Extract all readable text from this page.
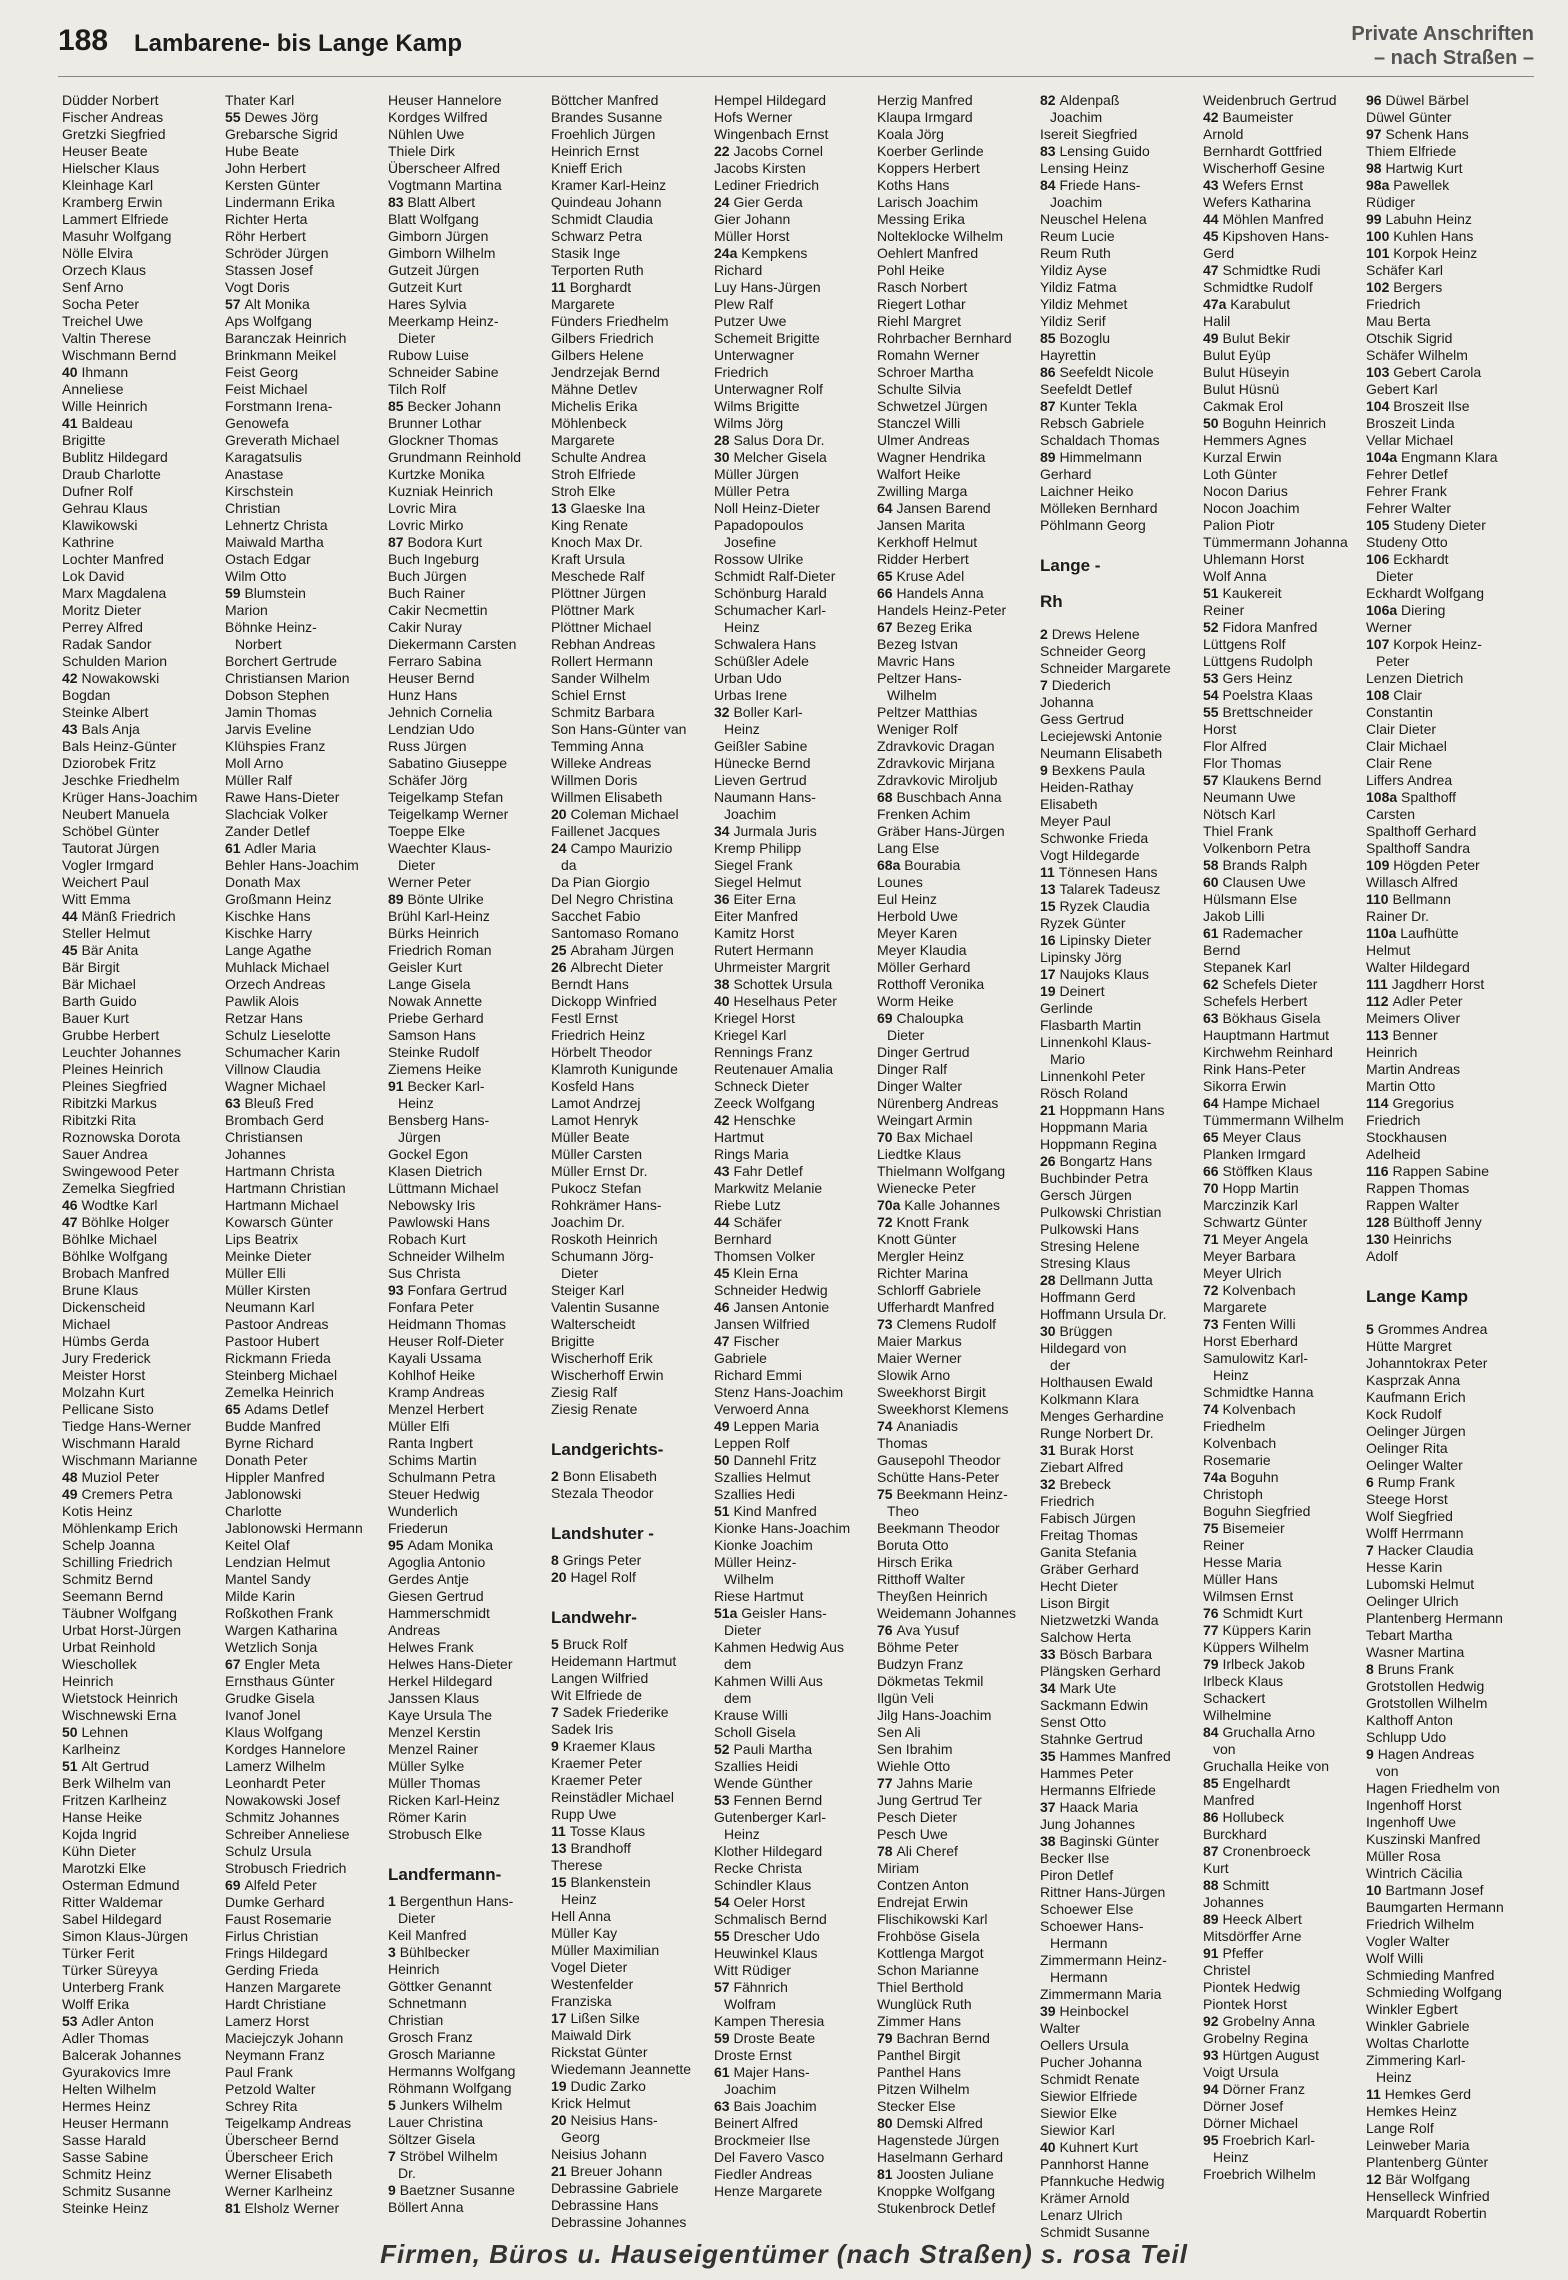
188 Lambarene- bis Lange Kamp	Private Anschriften
– nach Straßen –
Düdder Norbert
Fischer Andreas
Gretzki Siegfried
Heuser Beate
Hielscher Klaus
Kleinhage Karl
Kramberg Erwin
Lammert Elfriede
Masuhr Wolfgang
Nölle Elvira
Orzech Klaus
Senf Arno
Socha Peter
Treichel Uwe
Valtin Therese
Wischmann Bernd
40 Ihmann
Anneliese
Wille Heinrich
41 Baldeau
Brigitte
Bublitz Hildegard
Draub Charlotte
Dufner Rolf
Gehrau Klaus
Klawikowski
Kathrine
Lochter Manfred
Lok David
Marx Magdalena
Moritz Dieter
Perrey Alfred
Radak Sandor
Schulden Marion
42 Nowakowski
Bogdan
Steinke Albert
43 Bals Anja
Bals Heinz-Günter
Dziorobek Fritz
Jeschke Friedhelm
Krüger Hans-Joachim
Neubert Manuela
Schöbel Günter
Tautorat Jürgen
Vogler Irmgard
Weichert Paul
Witt Emma
44 Mänß Friedrich
Steller Helmut
45 Bär Anita
Bär Birgit
Bär Michael
Barth Guido
Bauer Kurt
Grubbe Herbert
Leuchter Johannes
Pleines Heinrich
Pleines Siegfried
Ribitzki Markus
Ribitzki Rita
Roznowska Dorota
Sauer Andrea
Swingewood Peter
Zemelka Siegfried
46 Wodtke Karl
47 Böhlke Holger
Böhlke Michael
Böhlke Wolfgang
Brobach Manfred
Brune Klaus
Dickenscheid
Michael
Hümbs Gerda
Jury Frederick
Meister Horst
Molzahn Kurt
Pellicane Sisto
Tiedge Hans-Werner
Wischmann Harald
Wischmann Marianne
48 Muziol Peter
49 Cremers Petra
Kotis Heinz
Möhlenkamp Erich
Schelp Joanna
Schilling Friedrich
Schmitz Bernd
Seemann Bernd
Täubner Wolfgang
Urbat Horst-Jürgen
Urbat Reinhold
Wieschollek
Heinrich
Wietstock Heinrich
Wischnewski Erna
50 Lehnen
Karlheinz
51 Alt Gertrud
Berk Wilhelm van
Fritzen Karlheinz
Hanse Heike
Kojda Ingrid
Kühn Dieter
Marotzki Elke
Osterman Edmund
Ritter Waldemar
Sabel Hildegard
Simon Klaus-Jürgen
Türker Ferit
Türker Süreyya
Unterberg Frank
Wolff Erika
53 Adler Anton
Adler Thomas
Balcerak Johannes
Gyurakovics Imre
Helten Wilhelm
Hermes Heinz
Heuser Hermann
Sasse Harald
Sasse Sabine
Schmitz Heinz
Schmitz Susanne
Steinke Heinz
Thater Karl
55 Dewes Jörg
Grebarsche Sigrid
Hube Beate
John Herbert
Kersten Günter
Lindermann Erika
Richter Herta
Röhr Herbert
Schröder Jürgen
Stassen Josef
Vogt Doris
57 Alt Monika
Aps Wolfgang
Baranczak Heinrich
Brinkmann Meikel
Feist Georg
Feist Michael
Forstmann Irena-
Genowefa
Greverath Michael
Karagatsulis
Anastase
Kirschstein
Christian
Lehnertz Christa
Maiwald Martha
Ostach Edgar
Wilm Otto
59 Blumstein
Marion
Böhnke Heinz-
Norbert
Borchert Gertrude
Christiansen Marion
Dobson Stephen
Jamin Thomas
Jarvis Eveline
Klühspies Franz
Moll Arno
Müller Ralf
Rawe Hans-Dieter
Slachciak Volker
Zander Detlef
61 Adler Maria
Behler Hans-Joachim
Donath Max
Großmann Heinz
Kischke Hans
Kischke Harry
Lange Agathe
Muhlack Michael
Orzech Andreas
Pawlik Alois
Retzar Hans
Schulz Lieselotte
Schumacher Karin
Villnow Claudia
Wagner Michael
63 Bleuß Fred
Brombach Gerd
Christiansen
Johannes
Hartmann Christa
Hartmann Christian
Hartmann Michael
Kowarsch Günter
Lips Beatrix
Meinke Dieter
Müller Elli
Müller Kirsten
Neumann Karl
Pastoor Andreas
Pastoor Hubert
Rickmann Frieda
Steinberg Michael
Zemelka Heinrich
65 Adams Detlef
Budde Manfred
Byrne Richard
Donath Peter
Hippler Manfred
Jablonowski
Charlotte
Jablonowski Hermann
Keitel Olaf
Lendzian Helmut
Mantel Sandy
Milde Karin
Roßkothen Frank
Wargen Katharina
Wetzlich Sonja
67 Engler Meta
Ernsthaus Günter
Grudke Gisela
Ivanof Jonel
Klaus Wolfgang
Kordges Hannelore
Lamerz Wilhelm
Leonhardt Peter
Nowakowski Josef
Schmitz Johannes
Schreiber Anneliese
Schulz Ursula
Strobusch Friedrich
69 Alfeld Peter
Dumke Gerhard
Faust Rosemarie
Firlus Christian
Frings Hildegard
Gerding Frieda
Hanzen Margarete
Hardt Christiane
Lamerz Horst
Maciejczyk Johann
Neymann Franz
Paul Frank
Petzold Walter
Schrey Rita
Teigelkamp Andreas
Überscheer Bernd
Überscheer Erich
Werner Elisabeth
Werner Karlheinz
81 Elsholz Werner
Heuser Hannelore
Kordges Wilfred
Nühlen Uwe
Thiele Dirk
Überscheer Alfred
Vogtmann Martina
83 Blatt Albert
Blatt Wolfgang
Gimborn Jürgen
Gimborn Wilhelm
Gutzeit Jürgen
Gutzeit Kurt
Hares Sylvia
Meerkamp Heinz-
Dieter
Rubow Luise
Schneider Sabine
Tilch Rolf
85 Becker Johann
Brunner Lothar
Glockner Thomas
Grundmann Reinhold
Kurtzke Monika
Kuzniak Heinrich
Lovric Mira
Lovric Mirko
87 Bodora Kurt
Buch Ingeburg
Buch Jürgen
Buch Rainer
Cakir Necmettin
Cakir Nuray
Diekermann Carsten
Ferraro Sabina
Heuser Bernd
Hunz Hans
Jehnich Cornelia
Lendzian Udo
Russ Jürgen
Sabatino Giuseppe
Schäfer Jörg
Teigelkamp Stefan
Teigelkamp Werner
Toeppe Elke
Waechter Klaus-
Dieter
Werner Peter
89 Bönte Ulrike
Brühl Karl-Heinz
Bürks Heinrich
Friedrich Roman
Geisler Kurt
Lange Gisela
Nowak Annette
Priebe Gerhard
Samson Hans
Steinke Rudolf
Ziemens Heike
91 Becker Karl-
Heinz
Bensberg Hans-
Jürgen
Gockel Egon
Klasen Dietrich
Lüttmann Michael
Nebowsky Iris
Pawlowski Hans
Robach Kurt
Schneider Wilhelm
Sus Christa
93 Fonfara Gertrud
Fonfara Peter
Heidmann Thomas
Heuser Rolf-Dieter
Kayali Ussama
Kohlhof Heike
Kramp Andreas
Menzel Herbert
Müller Elfi
Ranta Ingbert
Schims Martin
Schulmann Petra
Steuer Hedwig
Wunderlich
Friederun
95 Adam Monika
Agoglia Antonio
Gerdes Antje
Giesen Gertrud
Hammerschmidt
Andreas
Helwes Frank
Helwes Hans-Dieter
Herkel Hildegard
Janssen Klaus
Kaye Ursula The
Menzel Kerstin
Menzel Rainer
Müller Sylke
Müller Thomas
Ricken Karl-Heinz
Römer Karin
Strobusch Elke
Landfermann-
1 Bergenthun Hans-
Dieter
Keil Manfred
3 Bühlbecker
Heinrich
Göttker Genannt
Schnetmann
Christian
Grosch Franz
Grosch Marianne
Hermanns Wolfgang
Röhmann Wolfgang
5 Junkers Wilhelm
Lauer Christina
Söltzer Gisela
7 Ströbel Wilhelm
Dr.
9 Baetzner Susanne
Böllert Anna
Böttcher Manfred
Brandes Susanne
Froehlich Jürgen
Heinrich Ernst
Knieff Erich
Kramer Karl-Heinz
Quindeau Johann
Schmidt Claudia
Schwarz Petra
Stasik Inge
Terporten Ruth
11 Borghardt
Margarete
Fünders Friedhelm
Gilbers Friedrich
Gilbers Helene
Jendrzejak Bernd
Mähne Detlev
Michelis Erika
Möhlenbeck
Margarete
Schulte Andrea
Stroh Elfriede
Stroh Elke
13 Glaeske Ina
King Renate
Knoch Max Dr.
Kraft Ursula
Meschede Ralf
Plöttner Jürgen
Plöttner Mark
Plöttner Michael
Rebhan Andreas
Rollert Hermann
Sander Wilhelm
Schiel Ernst
Schmitz Barbara
Son Hans-Günter van
Temming Anna
Willeke Andreas
Willmen Doris
Willmen Elisabeth
20 Coleman Michael
Faillenet Jacques
24 Campo Maurizio
da
Da Pian Giorgio
Del Negro Christina
Sacchet Fabio
Santomaso Romano
25 Abraham Jürgen
26 Albrecht Dieter
Berndt Hans
Dickopp Winfried
Festl Ernst
Friedrich Heinz
Hörbelt Theodor
Klamroth Kunigunde
Kosfeld Hans
Lamot Andrzej
Lamot Henryk
Müller Beate
Müller Carsten
Müller Ernst Dr.
Pukocz Stefan
Rohkrämer Hans-
Joachim Dr.
Roskoth Heinrich
Schumann Jörg-
Dieter
Steiger Karl
Valentin Susanne
Walterscheidt
Brigitte
Wischerhoff Erik
Wischerhoff Erwin
Ziesig Ralf
Ziesig Renate
Landgerichts-
2 Bonn Elisabeth
Stezala Theodor
Landshuter -
8 Grings Peter
20 Hagel Rolf
Landwehr-
5 Bruck Rolf
Heidemann Hartmut
Langen Wilfried
Wit Elfriede de
7 Sadek Friederike
Sadek Iris
9 Kraemer Klaus
Kraemer Peter
Kraemer Peter
Reinstädler Michael
Rupp Uwe
11 Tosse Klaus
13 Brandhoff
Therese
15 Blankenstein
Heinz
Hell Anna
Müller Kay
Müller Maximilian
Vogel Dieter
Westenfelder
Franziska
17 Lißen Silke
Maiwald Dirk
Rickstat Günter
Wiedemann Jeannette
19 Dudic Zarko
Krick Helmut
20 Neisius Hans-
Georg
Neisius Johann
21 Breuer Johann
Debrassine Gabriele
Debrassine Hans
Debrassine Johannes
Hempel Hildegard
Hofs Werner
Wingenbach Ernst
22 Jacobs Cornel
Jacobs Kirsten
Lediner Friedrich
24 Gier Gerda
Gier Johann
Müller Horst
24a Kempkens
Richard
Luy Hans-Jürgen
Plew Ralf
Putzer Uwe
Schemeit Brigitte
Unterwagner
Friedrich
Unterwagner Rolf
Wilms Brigitte
Wilms Jörg
28 Salus Dora Dr.
30 Melcher Gisela
Müller Jürgen
Müller Petra
Noll Heinz-Dieter
Papadopoulos
Josefine
Rossow Ulrike
Schmidt Ralf-Dieter
Schönburg Harald
Schumacher Karl-
Heinz
Schwalera Hans
Schüßler Adele
Urban Udo
Urbas Irene
32 Boller Karl-
Heinz
Geißler Sabine
Hünecke Bernd
Lieven Gertrud
Naumann Hans-
Joachim
34 Jurmala Juris
Kremp Philipp
Siegel Frank
Siegel Helmut
36 Eiter Erna
Eiter Manfred
Kamitz Horst
Rutert Hermann
Uhrmeister Margrit
38 Schottek Ursula
40 Heselhaus Peter
Kriegel Horst
Kriegel Karl
Rennings Franz
Reutenauer Amalia
Schneck Dieter
Zeeck Wolfgang
42 Henschke
Hartmut
Rings Maria
43 Fahr Detlef
Markwitz Melanie
Riebe Lutz
44 Schäfer
Bernhard
Thomsen Volker
45 Klein Erna
Schneider Hedwig
46 Jansen Antonie
Jansen Wilfried
47 Fischer
Gabriele
Richard Emmi
Stenz Hans-Joachim
Verwoerd Anna
49 Leppen Maria
Leppen Rolf
50 Dannehl Fritz
Szallies Helmut
Szallies Hedi
51 Kind Manfred
Kionke Hans-Joachim
Kionke Joachim
Müller Heinz-
Wilhelm
Riese Hartmut
51a Geisler Hans-
Dieter
Kahmen Hedwig Aus
dem
Kahmen Willi Aus
dem
Krause Willi
Scholl Gisela
52 Pauli Martha
Szallies Heidi
Wende Günther
53 Fennen Bernd
Gutenberger Karl-
Heinz
Klother Hildegard
Recke Christa
Schindler Klaus
54 Oeler Horst
Schmalisch Bernd
55 Drescher Udo
Heuwinkel Klaus
Witt Rüdiger
57 Fähnrich
Wolfram
Kampen Theresia
59 Droste Beate
Droste Ernst
61 Majer Hans-
Joachim
63 Bais Joachim
Beinert Alfred
Brockmeier Ilse
Del Favero Vasco
Fiedler Andreas
Henze Margarete
Herzig Manfred
Klaupa Irmgard
Koala Jörg
Koerber Gerlinde
Koppers Herbert
Koths Hans
Larisch Joachim
Messing Erika
Nolteklocke Wilhelm
Oehlert Manfred
Pohl Heike
Rasch Norbert
Riegert Lothar
Riehl Margret
Rohrbacher Bernhard
Romahn Werner
Schroer Martha
Schulte Silvia
Schwetzel Jürgen
Stanczel Willi
Ulmer Andreas
Wagner Hendrika
Walfort Heike
Zwilling Marga
64 Jansen Barend
Jansen Marita
Kerkhoff Helmut
Ridder Herbert
65 Kruse Adel
66 Handels Anna
Handels Heinz-Peter
67 Bezeg Erika
Bezeg Istvan
Mavric Hans
Peltzer Hans-
Wilhelm
Peltzer Matthias
Weniger Rolf
Zdravkovic Dragan
Zdravkovic Mirjana
Zdravkovic Miroljub
68 Buschbach Anna
Frenken Achim
Gräber Hans-Jürgen
Lang Else
68a Bourabia
Lounes
Eul Heinz
Herbold Uwe
Meyer Karen
Meyer Klaudia
Möller Gerhard
Rotthoff Veronika
Worm Heike
69 Chaloupka
Dieter
Dinger Gertrud
Dinger Ralf
Dinger Walter
Nürenberg Andreas
Weingart Armin
70 Bax Michael
Liedtke Klaus
Thielmann Wolfgang
Wienecke Peter
70a Kalle Johannes
72 Knott Frank
Knott Günter
Mergler Heinz
Richter Marina
Schlorff Gabriele
Ufferhardt Manfred
73 Clemens Rudolf
Maier Markus
Maier Werner
Slowik Arno
Sweekhorst Birgit
Sweekhorst Klemens
74 Ananiadis
Thomas
Gausepohl Theodor
Schütte Hans-Peter
75 Beekmann Heinz-
Theo
Beekmann Theodor
Boruta Otto
Hirsch Erika
Ritthoff Walter
Theyßen Heinrich
Weidemann Johannes
76 Ava Yusuf
Böhme Peter
Budzyn Franz
Dökmetas Tekmil
Ilgün Veli
Jilg Hans-Joachim
Sen Ali
Sen Ibrahim
Wiehle Otto
77 Jahns Marie
Jung Gertrud Ter
Pesch Dieter
Pesch Uwe
78 Ali Cheref
Miriam
Contzen Anton
Endrejat Erwin
Flischikowski Karl
Frohböse Gisela
Kottlenga Margot
Schon Marianne
Thiel Berthold
Wunglück Ruth
Zimmer Hans
79 Bachran Bernd
Panthel Birgit
Panthel Hans
Pitzen Wilhelm
Stecker Else
80 Demski Alfred
Hagenstede Jürgen
Haselmann Gerhard
81 Joosten Juliane
Knoppke Wolfgang
Stukenbrock Detlef
82 Aldenpaß
Joachim
Isereit Siegfried
83 Lensing Guido
Lensing Heinz
84 Friede Hans-
Joachim
Neuschel Helena
Reum Lucie
Reum Ruth
Yildiz Ayse
Yildiz Fatma
Yildiz Mehmet
Yildiz Serif
85 Bozoglu
Hayrettin
86 Seefeldt Nicole
Seefeldt Detlef
87 Kunter Tekla
Rebsch Gabriele
Schaldach Thomas
89 Himmelmann
Gerhard
Laichner Heiko
Mölleken Bernhard
Pöhlmann Georg
Lange -
Rh
2 Drews Helene
Schneider Georg
Schneider Margarete
7 Diederich
Johanna
Gess Gertrud
Leciejewski Antonie
Neumann Elisabeth
9 Bexkens Paula
Heiden-Rathay
Elisabeth
Meyer Paul
Schwonke Frieda
Vogt Hildegarde
11 Tönnesen Hans
13 Talarek Tadeusz
15 Ryzek Claudia
Ryzek Günter
16 Lipinsky Dieter
Lipinsky Jörg
17 Naujoks Klaus
19 Deinert
Gerlinde
Flasbarth Martin
Linnenkohl Klaus-
Mario
Linnenkohl Peter
Rösch Roland
21 Hoppmann Hans
Hoppmann Maria
Hoppmann Regina
26 Bongartz Hans
Buchbinder Petra
Gersch Jürgen
Pulkowski Christian
Pulkowski Hans
Stresing Helene
Stresing Klaus
28 Dellmann Jutta
Hoffmann Gerd
Hoffmann Ursula Dr.
30 Brüggen
Hildegard von
der
Holthausen Ewald
Kolkmann Klara
Menges Gerhardine
Runge Norbert Dr.
31 Burak Horst
Ziebart Alfred
32 Brebeck
Friedrich
Fabisch Jürgen
Freitag Thomas
Ganita Stefania
Gräber Gerhard
Hecht Dieter
Lison Birgit
Nietzwetzki Wanda
Salchow Herta
33 Bösch Barbara
Plängsken Gerhard
34 Mark Ute
Sackmann Edwin
Senst Otto
Stahnke Gertrud
35 Hammes Manfred
Hammes Peter
Hermanns Elfriede
37 Haack Maria
Jung Johannes
38 Baginski Günter
Becker Ilse
Piron Detlef
Rittner Hans-Jürgen
Schoewer Else
Schoewer Hans-
Hermann
Zimmermann Heinz-
Hermann
Zimmermann Maria
39 Heinbockel
Walter
Oellers Ursula
Pucher Johanna
Schmidt Renate
Siewior Elfriede
Siewior Elke
Siewior Karl
40 Kuhnert Kurt
Pannhorst Hanne
Pfannkuche Hedwig
Krämer Arnold
Lenarz Ulrich
Schmidt Susanne
Weidenbruch Gertrud
42 Baumeister
Arnold
Bernhardt Gottfried
Wischerhoff Gesine
43 Wefers Ernst
Wefers Katharina
44 Möhlen Manfred
45 Kipshoven Hans-
Gerd
47 Schmidtke Rudi
Schmidtke Rudolf
47a Karabulut
Halil
49 Bulut Bekir
Bulut Eyüp
Bulut Hüseyin
Bulut Hüsnü
Cakmak Erol
50 Boguhn Heinrich
Hemmers Agnes
Kurzal Erwin
Loth Günter
Nocon Darius
Nocon Joachim
Palion Piotr
Tümmermann Johanna
Uhlemann Horst
Wolf Anna
51 Kaukereit
Reiner
52 Fidora Manfred
Lüttgens Rolf
Lüttgens Rudolph
53 Gers Heinz
54 Poelstra Klaas
55 Brettschneider
Horst
Flor Alfred
Flor Thomas
57 Klaukens Bernd
Neumann Uwe
Nötsch Karl
Thiel Frank
Volkenborn Petra
58 Brands Ralph
60 Clausen Uwe
Hülsmann Else
Jakob Lilli
61 Rademacher
Bernd
Stepanek Karl
62 Schefels Dieter
Schefels Herbert
63 Bökhaus Gisela
Hauptmann Hartmut
Kirchwehm Reinhard
Rink Hans-Peter
Sikorra Erwin
64 Hampe Michael
Tümmermann Wilhelm
65 Meyer Claus
Planken Irmgard
66 Stöffken Klaus
70 Hopp Martin
Marczinzik Karl
Schwartz Günter
71 Meyer Angela
Meyer Barbara
Meyer Ulrich
72 Kolvenbach
Margarete
73 Fenten Willi
Horst Eberhard
Samulowitz Karl-
Heinz
Schmidtke Hanna
74 Kolvenbach
Friedhelm
Kolvenbach
Rosemarie
74a Boguhn
Christoph
Boguhn Siegfried
75 Bisemeier
Reiner
Hesse Maria
Müller Hans
Wilmsen Ernst
76 Schmidt Kurt
77 Küppers Karin
Küppers Wilhelm
79 Irlbeck Jakob
Irlbeck Klaus
Schackert
Wilhelmine
84 Gruchalla Arno
von
Gruchalla Heike von
85 Engelhardt
Manfred
86 Hollubeck
Burckhard
87 Cronenbroeck
Kurt
88 Schmitt
Johannes
89 Heeck Albert
Mitsdörffer Arne
91 Pfeffer
Christel
Piontek Hedwig
Piontek Horst
92 Grobelny Anna
Grobelny Regina
93 Hürtgen August
Voigt Ursula
94 Dörner Franz
Dörner Josef
Dörner Michael
95 Froebrich Karl-
Heinz
Froebrich Wilhelm
96 Düwel Bärbel
Düwel Günter
97 Schenk Hans
Thiem Elfriede
98 Hartwig Kurt
98a Pawellek
Rüdiger
99 Labuhn Heinz
100 Kuhlen Hans
101 Korpok Heinz
Schäfer Karl
102 Bergers
Friedrich
Mau Berta
Otschik Sigrid
Schäfer Wilhelm
103 Gebert Carola
Gebert Karl
104 Broszeit Ilse
Broszeit Linda
Vellar Michael
104a Engmann Klara
Fehrer Detlef
Fehrer Frank
Fehrer Walter
105 Studeny Dieter
Studeny Otto
106 Eckhardt
Dieter
Eckhardt Wolfgang
106a Diering
Werner
107 Korpok Heinz-
Peter
Lenzen Dietrich
108 Clair
Constantin
Clair Dieter
Clair Michael
Clair Rene
Liffers Andrea
108a Spalthoff
Carsten
Spalthoff Gerhard
Spalthoff Sandra
109 Högden Peter
Willasch Alfred
110 Bellmann
Rainer Dr.
110a Laufhütte
Helmut
Walter Hildegard
111 Jagdherr Horst
112 Adler Peter
Meimers Oliver
113 Benner
Heinrich
Martin Andreas
Martin Otto
114 Gregorius
Friedrich
Stockhausen
Adelheid
116 Rappen Sabine
Rappen Thomas
Rappen Walter
128 Bülthoff Jenny
130 Heinrichs
Adolf
Lange Kamp
5 Grommes Andrea
Hütte Margret
Johanntokrax Peter
Kasprzak Anna
Kaufmann Erich
Kock Rudolf
Oelinger Jürgen
Oelinger Rita
Oelinger Walter
6 Rump Frank
Steege Horst
Wolf Siegfried
Wolff Herrmann
7 Hacker Claudia
Hesse Karin
Lubomski Helmut
Oelinger Ulrich
Plantenberg Hermann
Tebart Martha
Wasner Martina
8 Bruns Frank
Grotstollen Hedwig
Grotstollen Wilhelm
Kalthoff Anton
Schlupp Udo
9 Hagen Andreas
von
Hagen Friedhelm von
Ingenhoff Horst
Ingenhoff Uwe
Kuszinski Manfred
Müller Rosa
Wintrich Cäcilia
10 Bartmann Josef
Baumgarten Hermann
Friedrich Wilhelm
Vogler Walter
Wolf Willi
Schmieding Manfred
Schmieding Wolfgang
Winkler Egbert
Winkler Gabriele
Woltas Charlotte
Zimmering Karl-
Heinz
11 Hemkes Gerd
Hemkes Heinz
Lange Rolf
Leinweber Maria
Plantenberg Günter
12 Bär Wolfgang
Henselleck Winfried
Marquardt Robertin
Firmen, Büros u. Hauseigentümer (nach Straßen) s. rosa Teil
